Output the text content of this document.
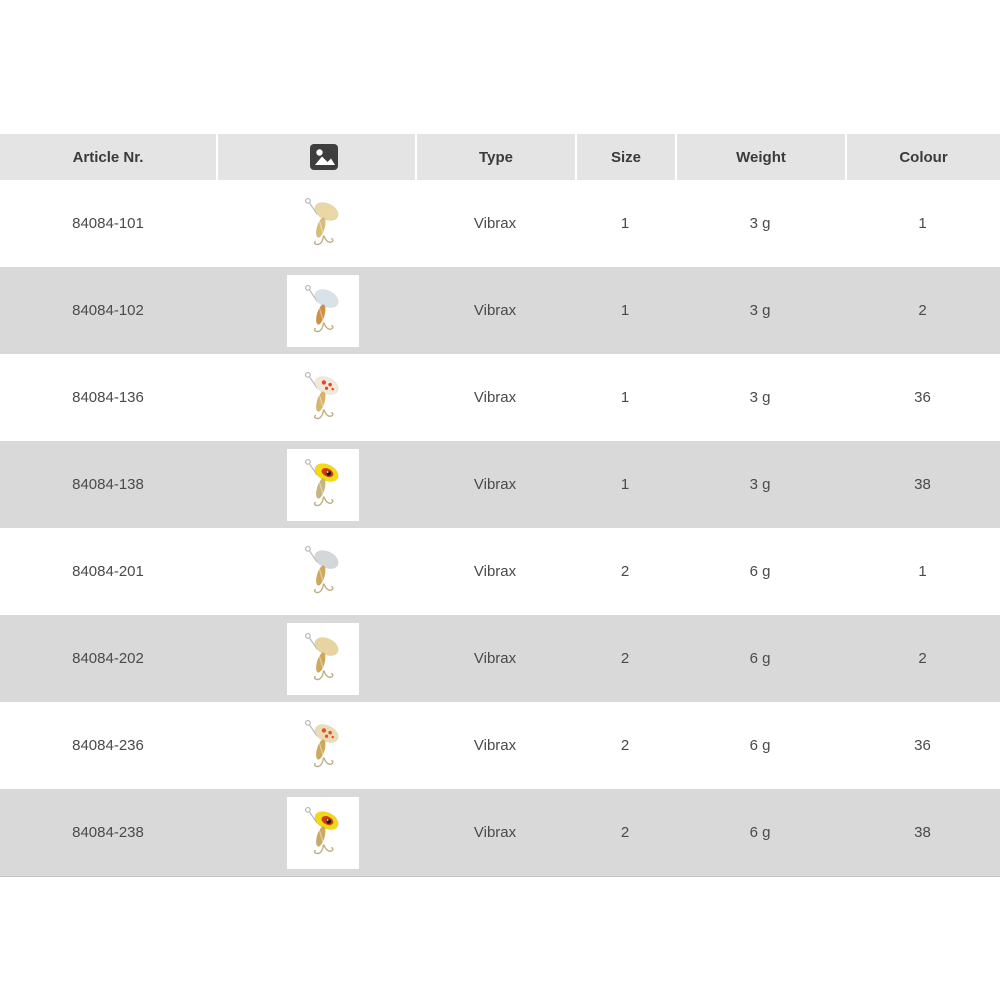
Article Nr.	Type	Size	Weight	Colour
84084-101	Vibrax	1	3 g	1
84084-102	Vibrax	1	3 g	2
84084-136	Vibrax	1	3 g	36
84084-138	Vibrax	1	3 g	38
84084-201	Vibrax	2	6 g	1
84084-202	Vibrax	2	6 g	2
84084-236	Vibrax	2	6 g	36
84084-238	Vibrax	2	6 g	38
